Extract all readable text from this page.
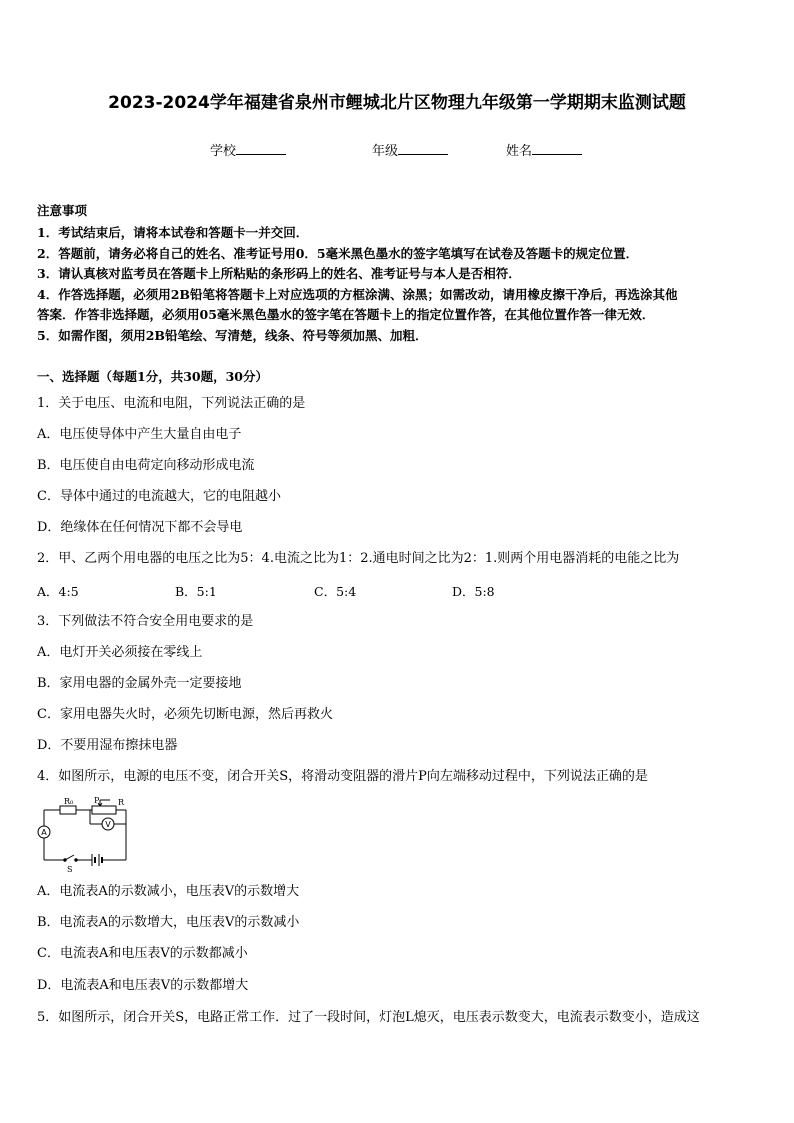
2023-2024学年福建省泉州市鲤城北片区物理九年级第一学期期末监测试题
学校	年级	姓名
注意事项
1．考试结束后，请将本试卷和答题卡一并交回．
2．答题前，请务必将自己的姓名、准考证号用0．5毫米黑色墨水的签字笔填写在试卷及答题卡的规定位置．
3．请认真核对监考员在答题卡上所粘贴的条形码上的姓名、准考证号与本人是否相符．
4．作答选择题，必须用2B铅笔将答题卡上对应选项的方框涂满、涂黑；如需改动，请用橡皮擦干净后，再选涂其他
答案．作答非选择题，必须用05毫米黑色墨水的签字笔在答题卡上的指定位置作答，在其他位置作答一律无效．
5．如需作图，须用2B铅笔绘、写清楚，线条、符号等须加黑、加粗．
一、选择题（每题1分，共30题，30分）
1．关于电压、电流和电阻，下列说法正确的是
A．电压使导体中产生大量自由电子
B．电压使自由电荷定向移动形成电流
C．导体中通过的电流越大，它的电阻越小
D．绝缘体在任何情况下都不会导电
2．甲、乙两个用电器的电压之比为5：4.电流之比为1：2.通电时间之比为2：1.则两个用电器消耗的电能之比为
A．4:5	B．5:1	C．5:4	D．5:8
3．下列做法不符合安全用电要求的是
A．电灯开关必须接在零线上
B．家用电器的金属外壳一定要接地
C．家用电器失火时，必须先切断电源，然后再救火
D．不要用湿布擦抹电器
4．如图所示，电源的电压不变，闭合开关S，将滑动变阻器的滑片P向左端移动过程中，下列说法正确的是
A
V
R₀	P R
S
A．电流表A的示数减小，电压表V的示数增大
B．电流表A的示数增大，电压表V的示数减小
C．电流表A和电压表V的示数都减小
D．电流表A和电压表V的示数都增大
5．如图所示，闭合开关S，电路正常工作．过了一段时间，灯泡L熄灭，电压表示数变大，电流表示数变小，造成这
